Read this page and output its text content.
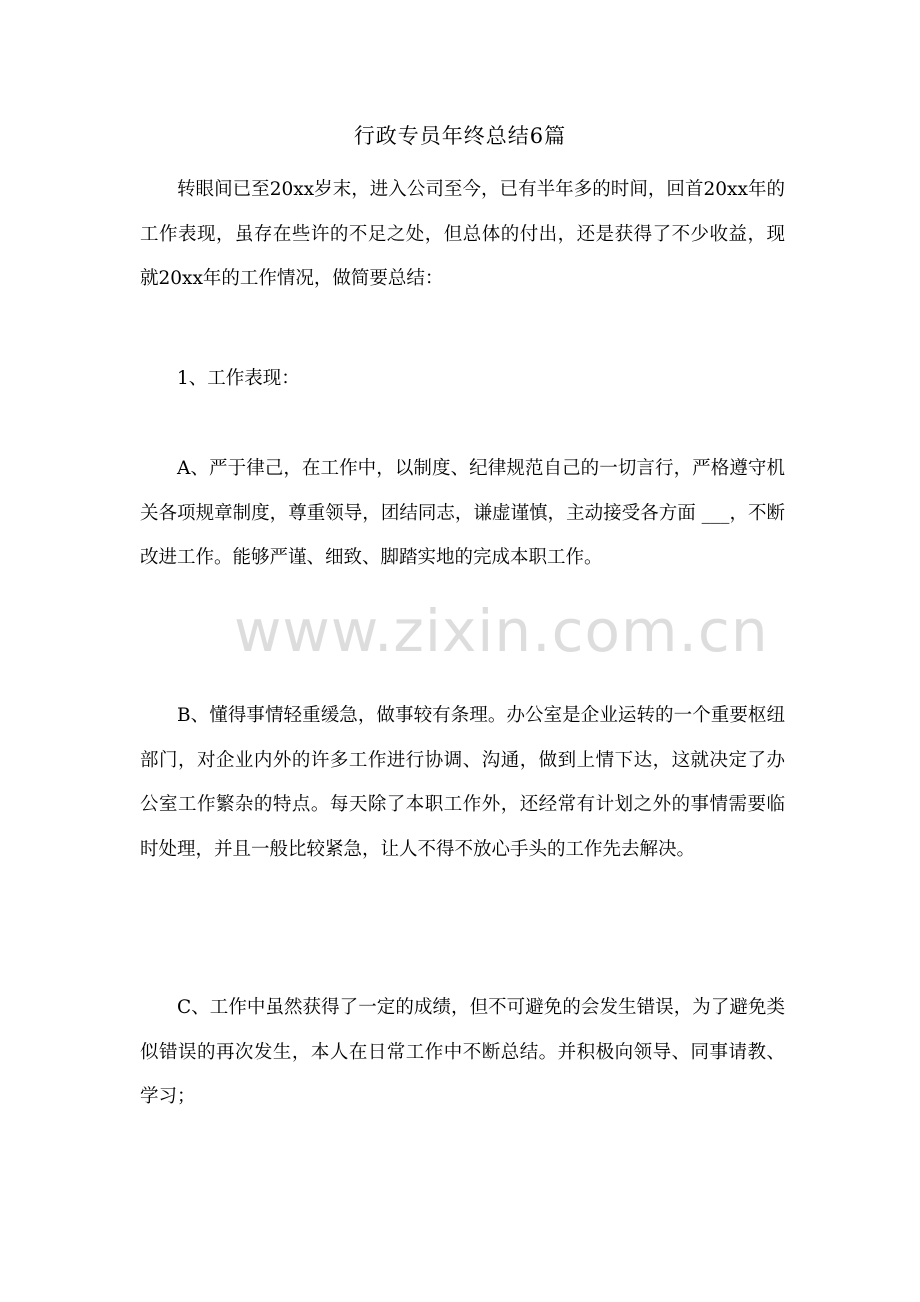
行政专员年终总结6篇

转眼间已至20xx岁末，进入公司至今，已有半年多的时间，回首20xx年的工作表现，虽存在些许的不足之处，但总体的付出，还是获得了不少收益，现就20xx年的工作情况，做简要总结：

1、工作表现：

A、严于律己，在工作中，以制度、纪律规范自己的一切言行，严格遵守机关各项规章制度，尊重领导，团结同志，谦虚谨慎，主动接受各方面 ___，不断改进工作。能够严谨、细致、脚踏实地的完成本职工作。

B、懂得事情轻重缓急，做事较有条理。办公室是企业运转的一个重要枢纽部门，对企业内外的许多工作进行协调、沟通，做到上情下达，这就决定了办公室工作繁杂的特点。每天除了本职工作外，还经常有计划之外的事情需要临时处理，并且一般比较紧急，让人不得不放心手头的工作先去解决。

C、工作中虽然获得了一定的成绩，但不可避免的会发生错误，为了避免类似错误的再次发生，本人在日常工作中不断总结。并积极向领导、同事请教、学习；

www.zixin.com.cn
